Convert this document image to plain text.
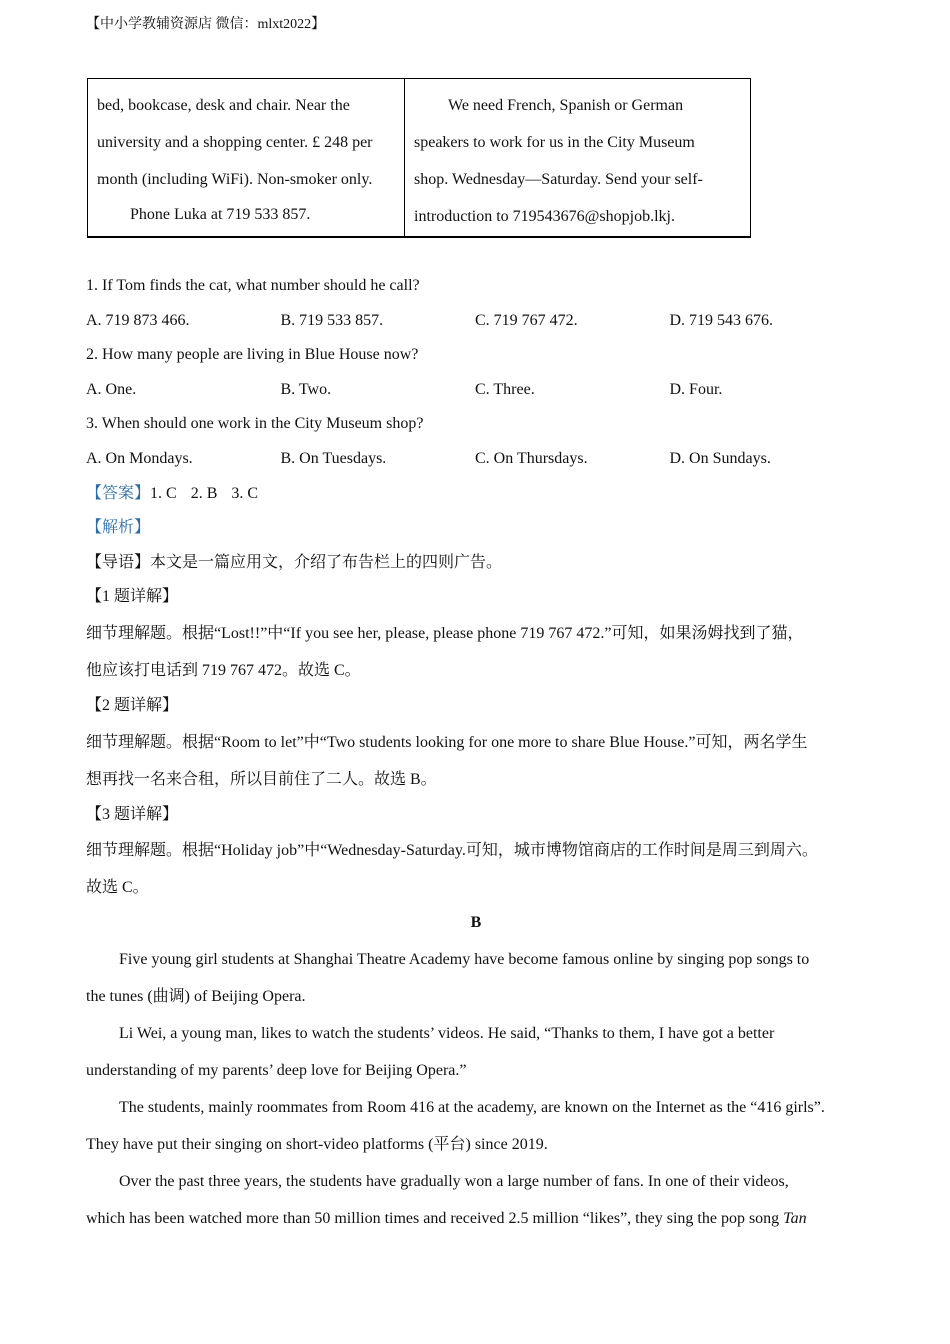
【中小学教辅资源店 微信：mlxt2022】
bed, bookcase, desk and chair. Near the
university and a shopping center. £ 248 per
month (including WiFi). Non-smoker only.
Phone Luka at 719 533 857.
We need French, Spanish or German
speakers to work for us in the City Museum
shop. Wednesday—Saturday. Send your self-
introduction to 719543676@shopjob.lkj.
1. If Tom finds the cat, what number should he call?
A. 719 873 466.	B. 719 533 857.	C. 719 767 472.	D. 719 543 676.
2. How many people are living in Blue House now?
A. One.	B. Two.	C. Three.	D. Four.
3. When should one work in the City Museum shop?
A. On Mondays.	B. On Tuesdays.	C. On Thursdays.	D. On Sundays.
【答案】1. C 2. B 3. C
【解析】
【导语】本文是一篇应用文，介绍了布告栏上的四则广告。
【1 题详解】
细节理解题。根据“Lost!!”中“If you see her, please, please phone 719 767 472.”可知，如果汤姆找到了猫，
他应该打电话到 719 767 472。故选 C。
【2 题详解】
细节理解题。根据“Room to let”中“Two students looking for one more to share Blue House.”可知，两名学生
想再找一名来合租，所以目前住了二人。故选 B。
【3 题详解】
细节理解题。根据“Holiday job”中“Wednesday-Saturday.可知，城市博物馆商店的工作时间是周三到周六。
故选 C。
B
Five young girl students at Shanghai Theatre Academy have become famous online by singing pop songs to
the tunes (曲调) of Beijing Opera.
Li Wei, a young man, likes to watch the students’ videos. He said, “Thanks to them, I have got a better
understanding of my parents’ deep love for Beijing Opera.”
The students, mainly roommates from Room 416 at the academy, are known on the Internet as the “416 girls”.
They have put their singing on short-video platforms (平台) since 2019.
Over the past three years, the students have gradually won a large number of fans. In one of their videos,
which has been watched more than 50 million times and received 2.5 million “likes”, they sing the pop song Tan
